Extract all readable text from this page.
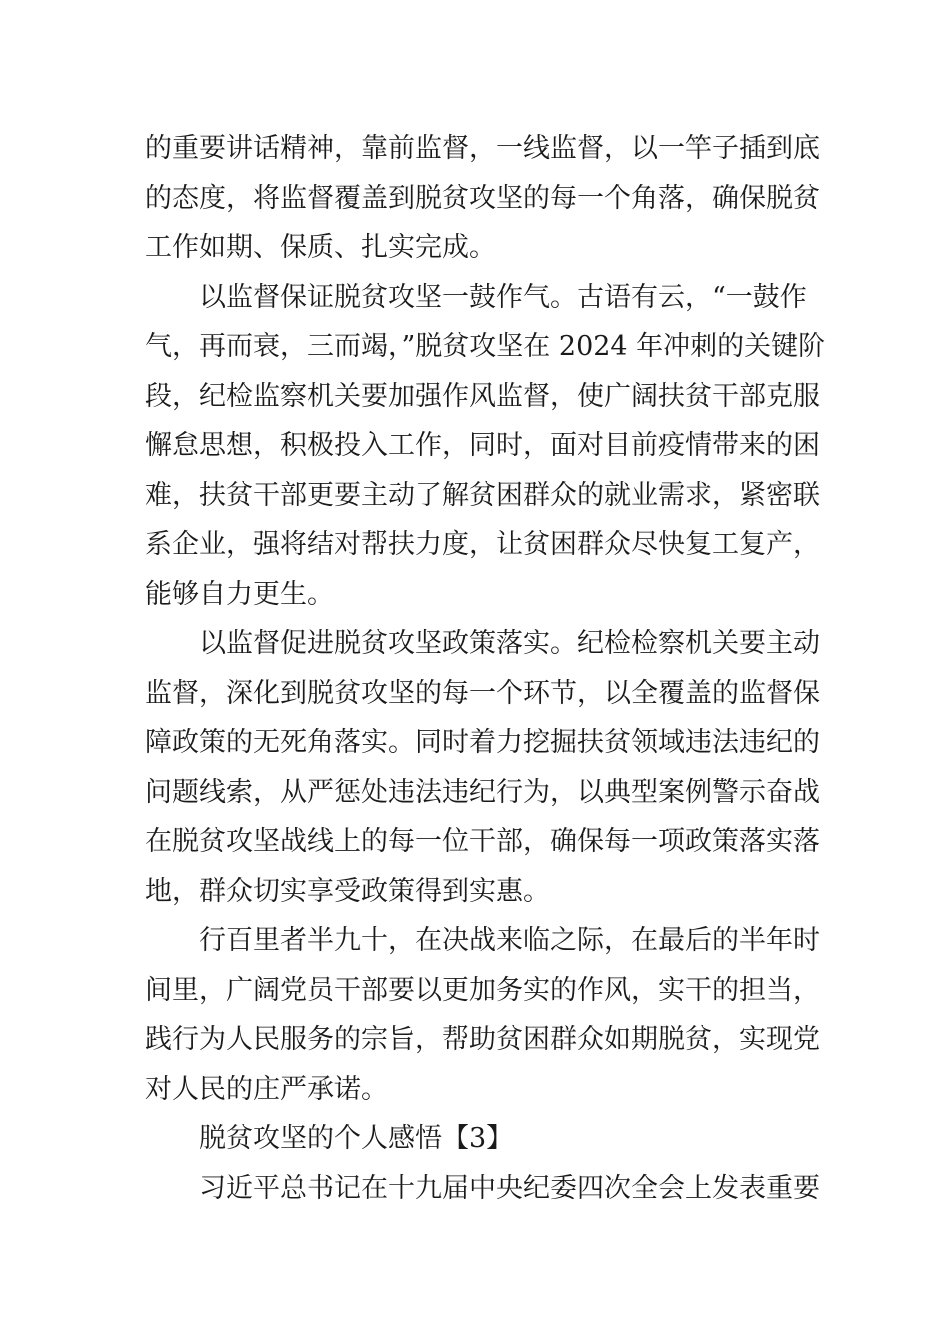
的重要讲话精神，靠前监督，一线监督，以一竿子插到底
的态度，将监督覆盖到脱贫攻坚的每一个角落，确保脱贫
工作如期、保质、扎实完成。
以监督保证脱贫攻坚一鼓作气。古语有云，“一鼓作
气，再而衰，三而竭，”脱贫攻坚在 2024 年冲刺的关键阶
段，纪检监察机关要加强作风监督，使广阔扶贫干部克服
懈怠思想，积极投入工作，同时，面对目前疫情带来的困
难，扶贫干部更要主动了解贫困群众的就业需求，紧密联
系企业，强将结对帮扶力度，让贫困群众尽快复工复产，
能够自力更生。
以监督促进脱贫攻坚政策落实。纪检检察机关要主动
监督，深化到脱贫攻坚的每一个环节，以全覆盖的监督保
障政策的无死角落实。同时着力挖掘扶贫领域违法违纪的
问题线索，从严惩处违法违纪行为，以典型案例警示奋战
在脱贫攻坚战线上的每一位干部，确保每一项政策落实落
地，群众切实享受政策得到实惠。
行百里者半九十，在决战来临之际，在最后的半年时
间里，广阔党员干部要以更加务实的作风，实干的担当，
践行为人民服务的宗旨，帮助贫困群众如期脱贫，实现党
对人民的庄严承诺。
脱贫攻坚的个人感悟【3】
习近平总书记在十九届中央纪委四次全会上发表重要
